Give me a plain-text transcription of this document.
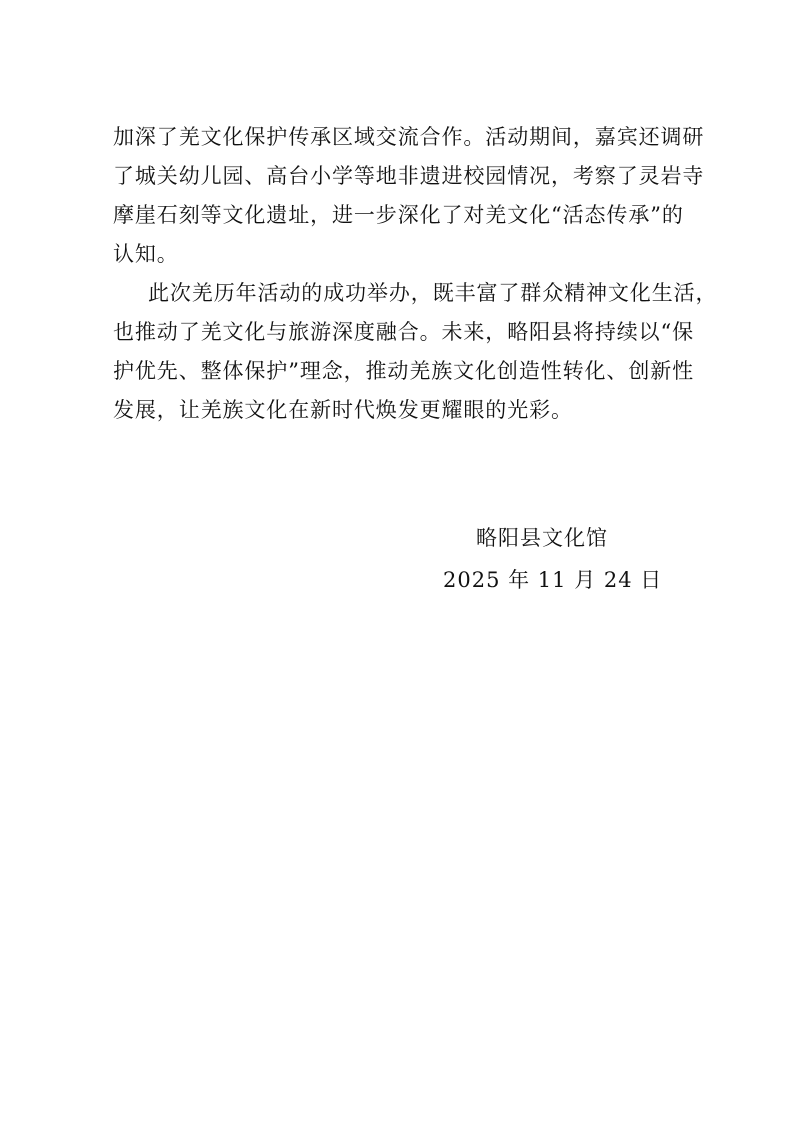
加深了羌文化保护传承区域交流合作。活动期间，嘉宾还调研
了城关幼儿园、高台小学等地非遗进校园情况，考察了灵岩寺
摩崖石刻等文化遗址，进一步深化了对羌文化“活态传承”的
认知。
此次羌历年活动的成功举办，既丰富了群众精神文化生活，
也推动了羌文化与旅游深度融合。未来，略阳县将持续以“保
护优先、整体保护”理念，推动羌族文化创造性转化、创新性
发展，让羌族文化在新时代焕发更耀眼的光彩。
略阳县文化馆
2025 年 11 月 24 日
